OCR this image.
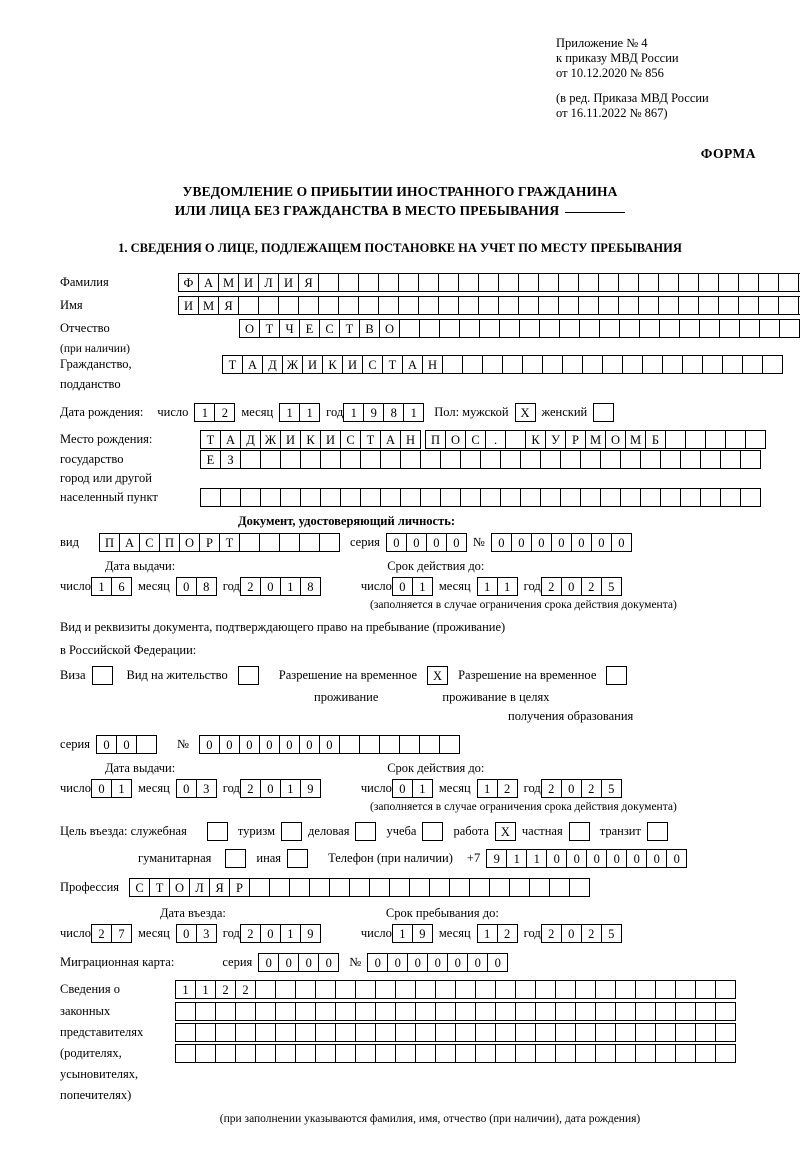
Приложение № 4
к приказу МВД России
от 10.12.2020 № 856
(в ред. Приказа МВД России
от 16.11.2022 № 867)
ФОРМА
УВЕДОМЛЕНИЕ О ПРИБЫТИИ ИНОСТРАННОГО ГРАЖДАНИНА
ИЛИ ЛИЦА БЕЗ ГРАЖДАНСТВА В МЕСТО ПРЕБЫВАНИЯ
1. СВЕДЕНИЯ О ЛИЦЕ, ПОДЛЕЖАЩЕМ ПОСТАНОВКЕ НА УЧЕТ ПО МЕСТУ ПРЕБЫВАНИЯ
Фамилия	Ф А М И Л И Я
Имя	И М Я
Отчество	О Т Ч Е С Т В О
(при наличии)
Гражданство,	Т А Д Ж И К И С Т А Н
подданство
Дата рождения: число	1	2	месяц	1	1	год 1	9	8	1	Пол: мужской X женский
Место рождения:	Т А Д Ж И К И С Т А Н	П О С	.	К У Р М О М Б
государство	Е	З
город или другой
населенный пункт
Документ, удостоверяющий личность:
вид	П А С П О Р	Т	серия	0	0	0	0	№	0	0	0	0	0	0	0
Дата выдачи:	Срок действия до:
число 1	6	месяц	0	8	год 2	0	1	8	число 0	1	месяц	1	1	год 2	0	2	5
(заполняется в случае ограничения срока действия документа)
Вид и реквизиты документа, подтверждающего право на пребывание (проживание)
в Российской Федерации:
Виза	Вид на жительство	Разрешение на временное	X	Разрешение на временное
проживание	проживание в целях
получения образования
серия	0	0	№	0	0	0	0	0	0	0
Дата выдачи:	Срок действия до:
число 0	1	месяц	0	3	год 2	0	1	9	число 0	1	месяц	1	2	год 2	0	2	5
(заполняется в случае ограничения срока действия документа)
Цель въезда: служебная	туризм	деловая	учеба	работа X частная	транзит
гуманитарная	иная	Телефон (при наличии) +7	9	1	1	0	0	0	0	0	0	0
Профессия	С Т О Л Я Р
Дата въезда:	Срок пребывания до:
число 2	7	месяц	0	3	год 2	0	1	9	число 1	9	месяц	1	2	год 2	0	2	5
Миграционная карта:	серия	0	0	0	0	№	0	0	0	0	0	0	0
Сведения о	1	1	2	2
законных
представителях
(родителях,
усыновителях,
попечителях)
(при заполнении указываются фамилия, имя, отчество (при наличии), дата рождения)
